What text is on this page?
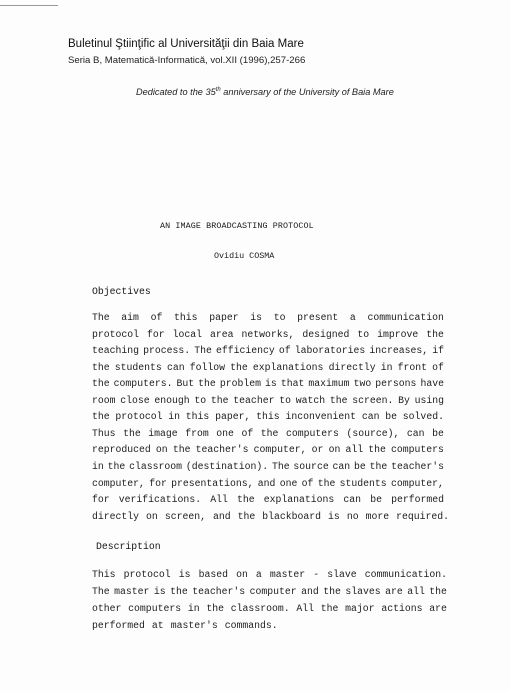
Buletinul Ştiinţific al Universităţii din Baia Mare
Seria B, Matematică-Informatică, vol.XII (1996),257-266
Dedicated to the 35th anniversary of the University of Baia Mare
AN IMAGE BROADCASTING PROTOCOL
Ovidiu COSMA
Objectives
The aim of this paper is to present a communication
protocol for local area networks, designed to improve the
teaching process. The efficiency of laboratories increases, if
the students can follow the explanations directly in front of
the computers. But the problem is that maximum two persons have
room close enough to the teacher to watch the screen. By using
the protocol in this paper, this inconvenient can be solved.
Thus the image from one of the computers (source), can be
reproduced on the teacher's computer, or on all the computers
in the classroom (destination). The source can be the teacher's
computer, for presentations, and one of the students computer,
for verifications. All the explanations can be performed
directly on screen, and the blackboard is no more required.
Description
This protocol is based on a master - slave communication.
The master is the teacher's computer and the slaves are all the
other computers in the classroom. All the major actions are
performed at master's commands.
